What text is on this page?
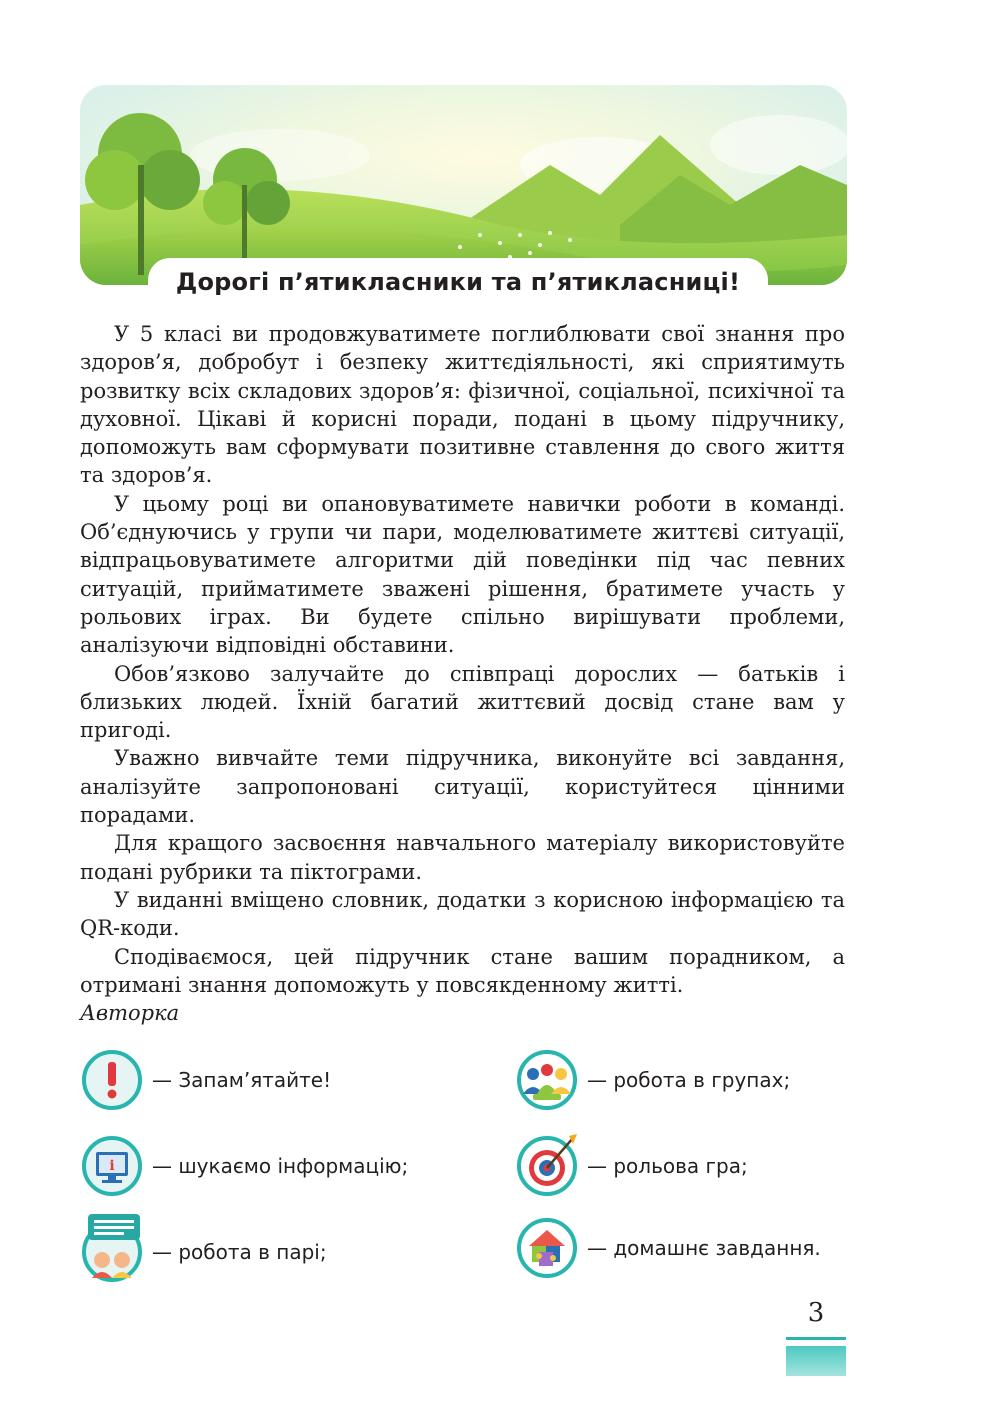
Дорогі п’ятикласники та п’ятикласниці!

У 5 класі ви продовжуватимете поглиблювати свої знання про здоров’я, добробут і безпеку життєдіяльності, які сприятимуть розвитку всіх складових здоров’я: фізичної, соціальної, психічної та духовної. Цікаві й корисні поради, подані в цьому підручнику, допоможуть вам сформувати позитивне ставлення до свого життя та здоров’я.

У цьому році ви опановуватимете навички роботи в команді. Об’єднуючись у групи чи пари, моделюватимете життєві ситуації, відпрацьовуватимете алгоритми дій поведінки під час певних ситуацій, прийматимете зважені рішення, братимете участь у рольових іграх. Ви будете спільно вирішувати проблеми, аналізуючи відповідні обставини.

Обов’язково залучайте до співпраці дорослих — батьків і близьких людей. Їхній багатий життєвий досвід стане вам у пригоді.

Уважно вивчайте теми підручника, виконуйте всі завдання, аналізуйте запропоновані ситуації, користуйтеся цінними порадами.

Для кращого засвоєння навчального матеріалу використовуйте подані рубрики та піктограми.

У виданні вміщено словник, додатки з корисною інформацією та QR-коди.

Сподіваємося, цей підручник стане вашим порадником, а отримані знання допоможуть у повсякденному житті.

Авторка

— Запам’ятайте!
i — шукаємо інформацію;
— робота в парі;
— робота в групах;
— рольова гра;
— домашнє завдання.
3
